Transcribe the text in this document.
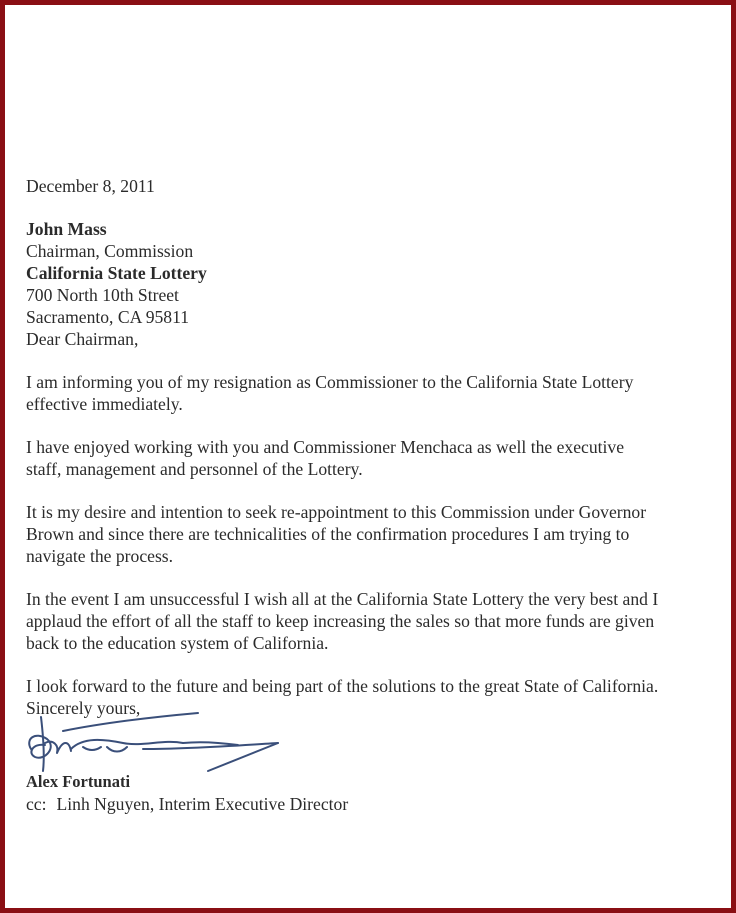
December 8, 2011

John Mass

Chairman, Commission

California State Lottery

700 North 10th Street

Sacramento, CA 95811

Dear Chairman,

I am informing you of my resignation as Commissioner to the California State Lottery

effective immediately.

I have enjoyed working with you and Commissioner Menchaca as well the executive

staff, management and personnel of the Lottery.

It is my desire and intention to seek re-appointment to this Commission under Governor

Brown and since there are technicalities of the confirmation procedures I am trying to

navigate the process.

In the event I am unsuccessful I wish all at the California State Lottery the very best and I

applaud the effort of all the staff to keep increasing the sales so that more funds are given

back to the education system of California.

I look forward to the future and being part of the solutions to the great State of California.

Sincerely yours,

Alex Fortunati

cc: Linh Nguyen, Interim Executive Director
